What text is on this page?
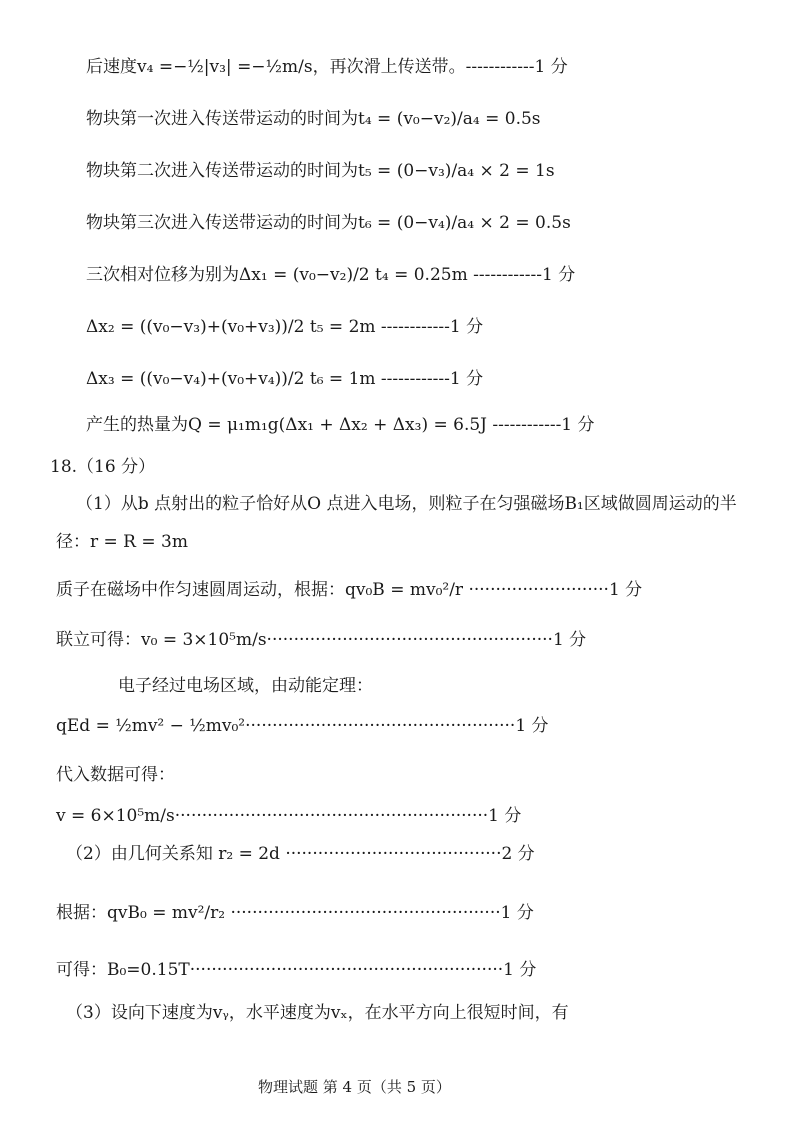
后速度v₄ =−½|v₃| =−½m/s，再次滑上传送带。------------1 分
物块第一次进入传送带运动的时间为t₄ = (v₀−v₂)/a₄ = 0.5s
物块第二次进入传送带运动的时间为t₅ = (0−v₃)/a₄ × 2 = 1s
物块第三次进入传送带运动的时间为t₆ = (0−v₄)/a₄ × 2 = 0.5s
三次相对位移为别为Δx₁ = (v₀−v₂)/2 t₄ = 0.25m ------------1 分
Δx₂ = ((v₀−v₃)+(v₀+v₃))/2 t₅ = 2m ------------1 分
Δx₃ = ((v₀−v₄)+(v₀+v₄))/2 t₆ = 1m ------------1 分
产生的热量为Q = μ₁m₁g(Δx₁ + Δx₂ + Δx₃) = 6.5J ------------1 分
18.（16 分）
（1）从b 点射出的粒子恰好从O 点进入电场，则粒子在匀强磁场B₁区域做圆周运动的半
径：r = R = 3m
质子在磁场中作匀速圆周运动，根据：qv₀B = mv₀²/r ··························1 分
联立可得：v₀ = 3×10⁵m/s·····················································1 分
电子经过电场区域，由动能定理：
qEd = ½mv² − ½mv₀²··················································1 分
代入数据可得：
v = 6×10⁵m/s··························································1 分
（2）由几何关系知 r₂ = 2d ········································2 分
根据：qvB₀ = mv²/r₂ ··················································1 分
可得：B₀=0.15T··························································1 分
（3）设向下速度为vᵧ，水平速度为vₓ，在水平方向上很短时间，有
物理试题 第 4 页（共 5 页）
